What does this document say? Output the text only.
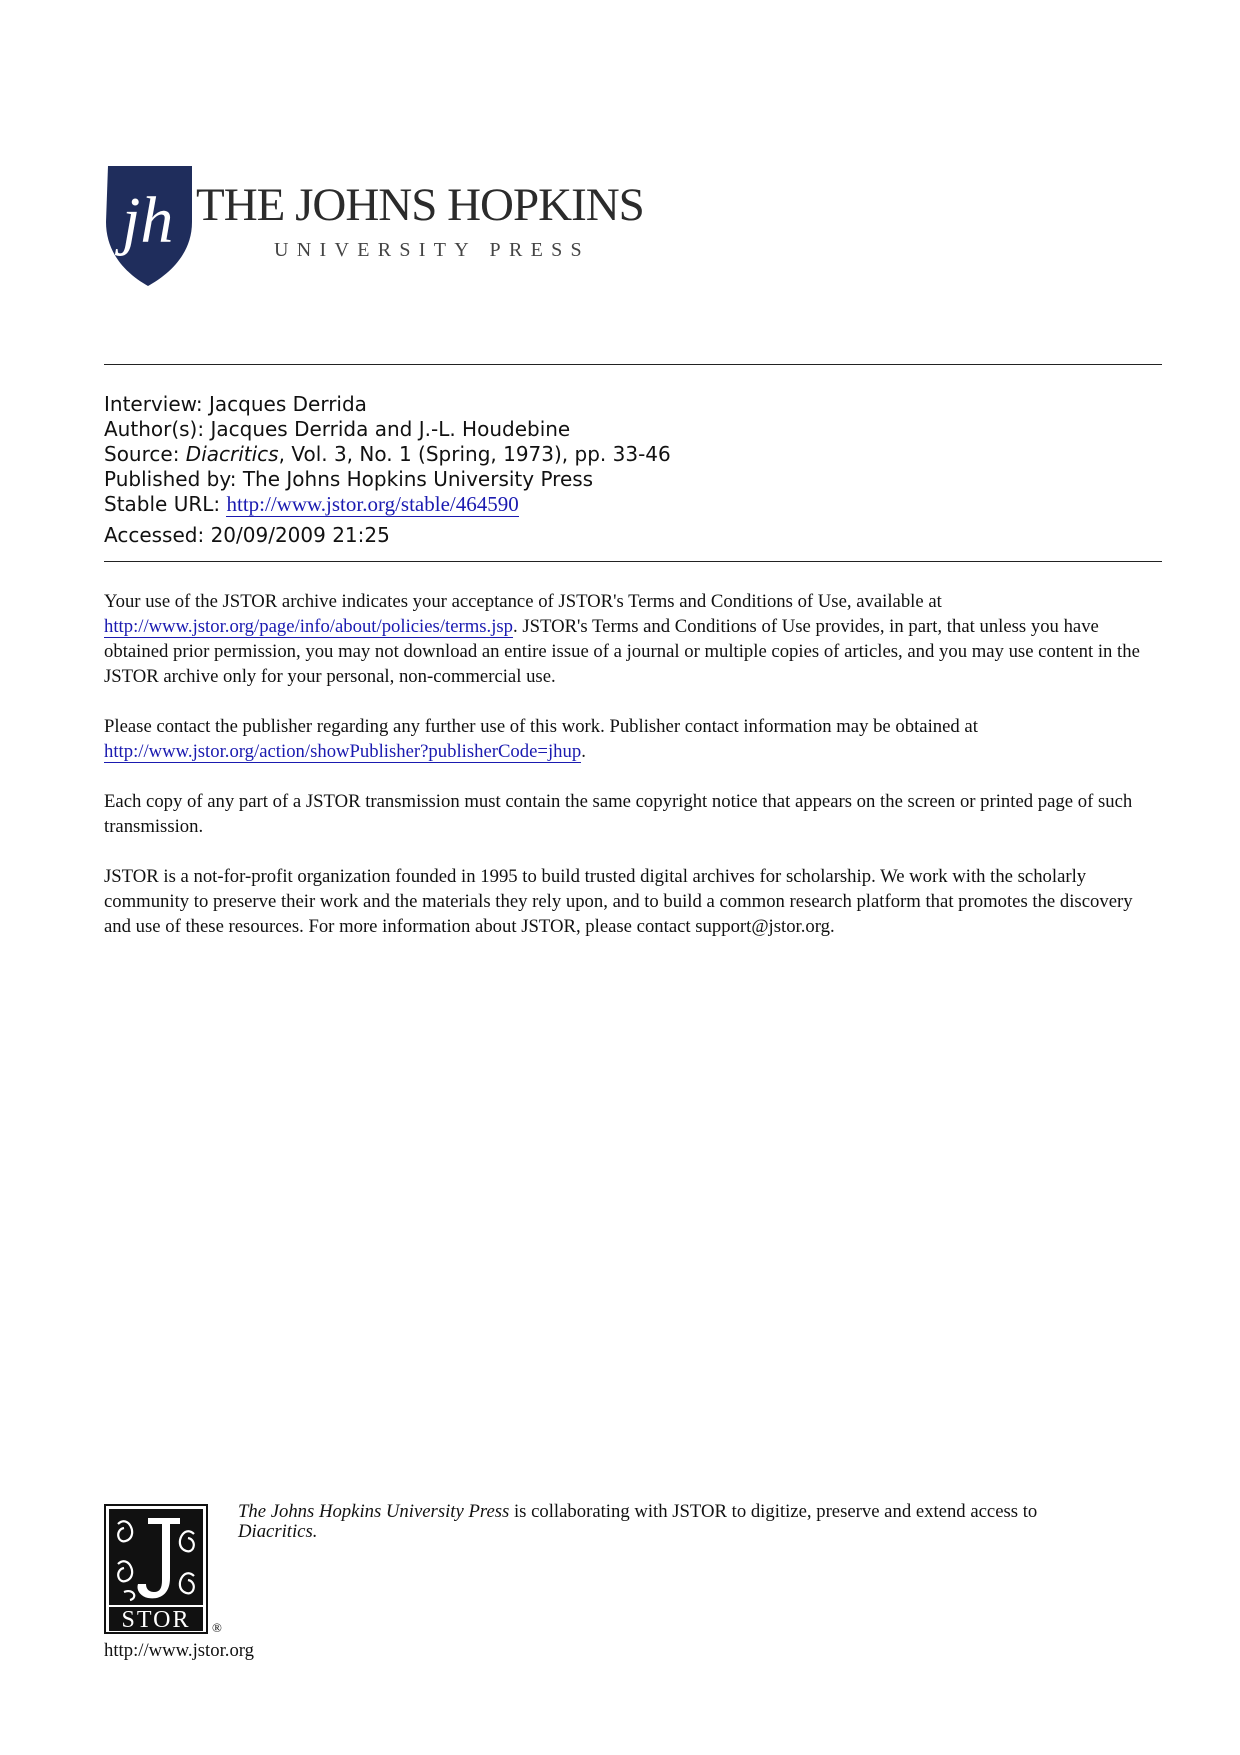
jh THE JOHNS HOPKINS
UNIVERSITY PRESS
Interview: Jacques Derrida
Author(s): Jacques Derrida and J.-L. Houdebine
Source: Diacritics, Vol. 3, No. 1 (Spring, 1973), pp. 33-46
Published by: The Johns Hopkins University Press
Stable URL: http://www.jstor.org/stable/464590
Accessed: 20/09/2009 21:25

Your use of the JSTOR archive indicates your acceptance of JSTOR's Terms and Conditions of Use, available at http://www.jstor.org/page/info/about/policies/terms.jsp. JSTOR's Terms and Conditions of Use provides, in part, that unless you have obtained prior permission, you may not download an entire issue of a journal or multiple copies of articles, and you may use content in the JSTOR archive only for your personal, non-commercial use.

Please contact the publisher regarding any further use of this work. Publisher contact information may be obtained at http://www.jstor.org/action/showPublisher?publisherCode=jhup.

Each copy of any part of a JSTOR transmission must contain the same copyright notice that appears on the screen or printed page of such transmission.

JSTOR is a not-for-profit organization founded in 1995 to build trusted digital archives for scholarship. We work with the scholarly community to preserve their work and the materials they rely upon, and to build a common research platform that promotes the discovery and use of these resources. For more information about JSTOR, please contact support@jstor.org.

STOR ®
The Johns Hopkins University Press is collaborating with JSTOR to digitize, preserve and extend access to
Diacritics.
http://www.jstor.org
